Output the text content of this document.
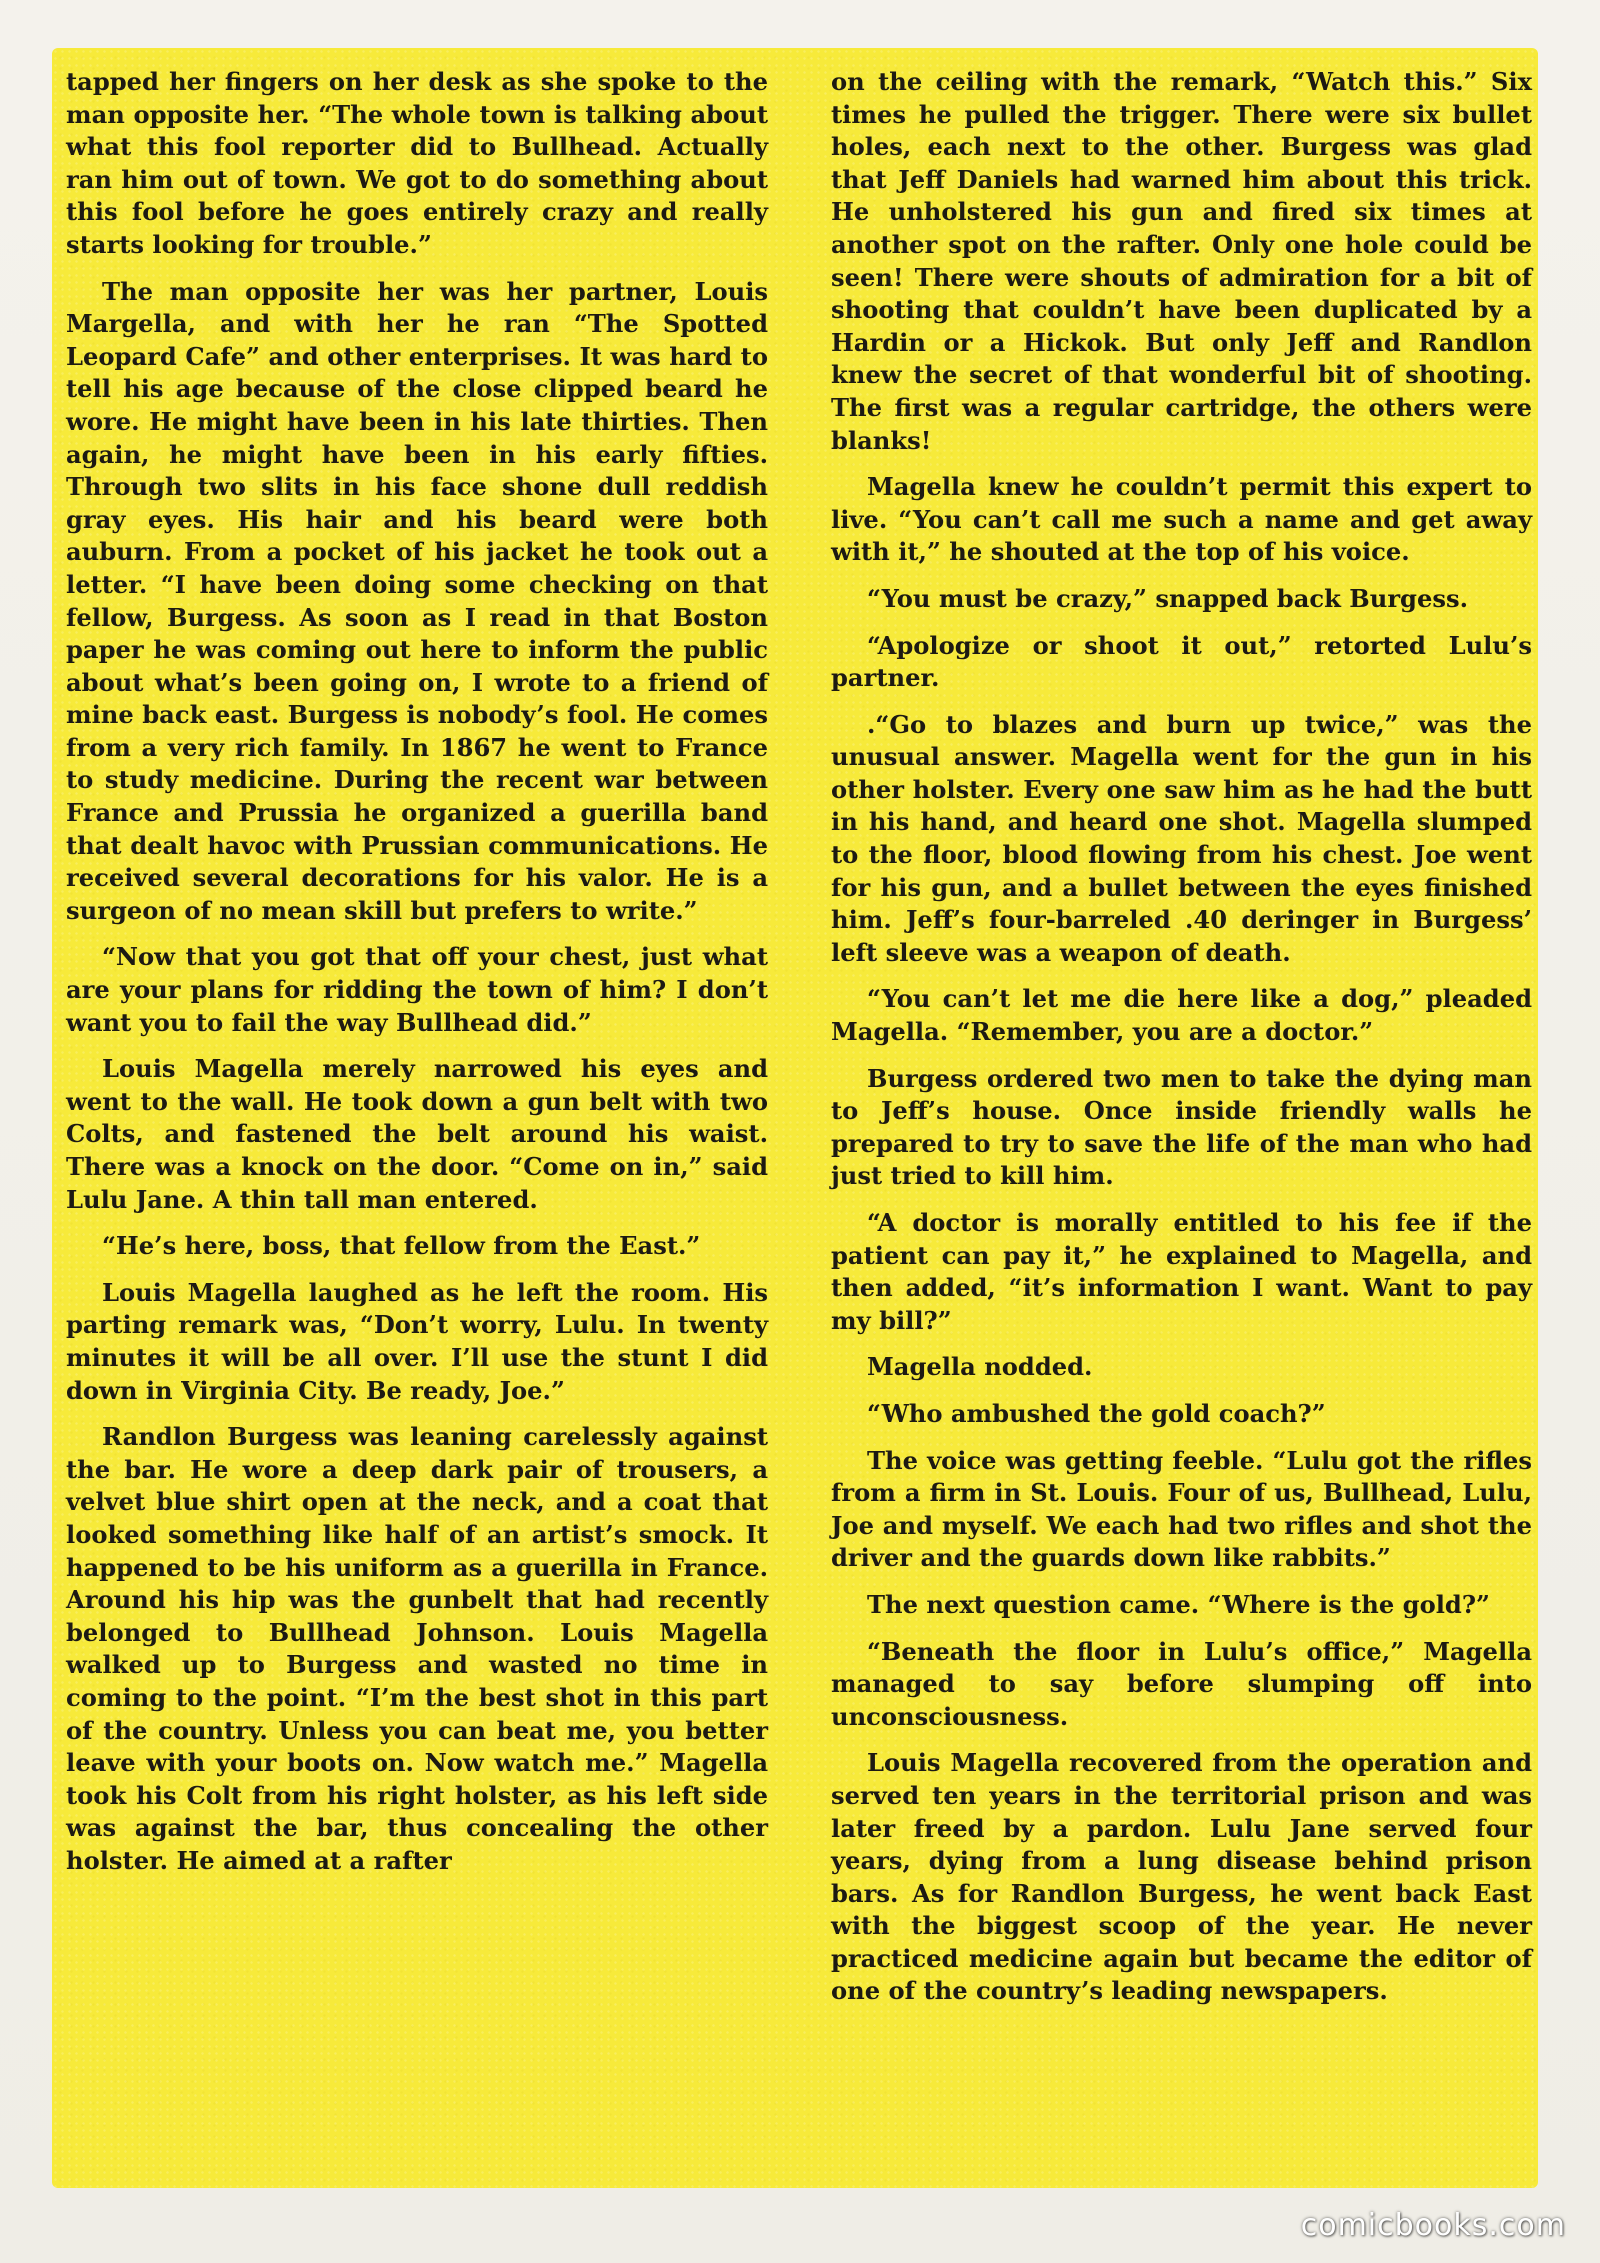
tapped her fingers on her desk as she spoke to the man opposite her. “The whole town is talking about what this fool reporter did to Bullhead. Actually ran him out of town. We got to do something about this fool before he goes entirely crazy and really starts looking for trouble.”

The man opposite her was her partner, Louis Margella, and with her he ran “The Spotted Leopard Cafe” and other enterprises. It was hard to tell his age because of the close clipped beard he wore. He might have been in his late thirties. Then again, he might have been in his early fifties. Through two slits in his face shone dull reddish gray eyes. His hair and his beard were both auburn. From a pocket of his jacket he took out a letter. “I have been doing some checking on that fellow, Burgess. As soon as I read in that Boston paper he was coming out here to inform the public about what’s been going on, I wrote to a friend of mine back east. Burgess is nobody’s fool. He comes from a very rich family. In 1867 he went to France to study medicine. During the recent war between France and Prussia he organized a guerilla band that dealt havoc with Prussian communications. He received several decorations for his valor. He is a surgeon of no mean skill but prefers to write.”

“Now that you got that off your chest, just what are your plans for ridding the town of him? I don’t want you to fail the way Bullhead did.”

Louis Magella merely narrowed his eyes and went to the wall. He took down a gun belt with two Colts, and fastened the belt around his waist. There was a knock on the door. “Come on in,” said Lulu Jane. A thin tall man entered.

“He’s here, boss, that fellow from the East.”

Louis Magella laughed as he left the room. His parting remark was, “Don’t worry, Lulu. In twenty minutes it will be all over. I’ll use the stunt I did down in Virginia City. Be ready, Joe.”

Randlon Burgess was leaning carelessly against the bar. He wore a deep dark pair of trousers, a velvet blue shirt open at the neck, and a coat that looked something like half of an artist’s smock. It happened to be his uniform as a guerilla in France. Around his hip was the gunbelt that had recently belonged to Bullhead Johnson. Louis Magella walked up to Burgess and wasted no time in coming to the point. “I’m the best shot in this part of the country. Unless you can beat me, you better leave with your boots on. Now watch me.” Magella took his Colt from his right holster, as his left side was against the bar, thus concealing the other holster. He aimed at a rafter

on the ceiling with the remark, “Watch this.” Six times he pulled the trigger. There were six bullet holes, each next to the other. Burgess was glad that Jeff Daniels had warned him about this trick. He unholstered his gun and fired six times at another spot on the rafter. Only one hole could be seen! There were shouts of admiration for a bit of shooting that couldn’t have been duplicated by a Hardin or a Hickok. But only Jeff and Randlon knew the secret of that wonderful bit of shooting. The first was a regular cartridge, the others were blanks!

Magella knew he couldn’t permit this expert to live. “You can’t call me such a name and get away with it,” he shouted at the top of his voice.

“You must be crazy,” snapped back Burgess.

“Apologize or shoot it out,” retorted Lulu’s partner.

.“Go to blazes and burn up twice,” was the unusual answer. Magella went for the gun in his other holster. Every one saw him as he had the butt in his hand, and heard one shot. Magella slumped to the floor, blood flowing from his chest. Joe went for his gun, and a bullet between the eyes finished him. Jeff’s four-barreled .40 deringer in Burgess’ left sleeve was a weapon of death.

“You can’t let me die here like a dog,” pleaded Magella. “Remember, you are a doctor.”

Burgess ordered two men to take the dying man to Jeff’s house. Once inside friendly walls he prepared to try to save the life of the man who had just tried to kill him.

“A doctor is morally entitled to his fee if the patient can pay it,” he explained to Magella, and then added, “it’s information I want. Want to pay my bill?”

Magella nodded.

“Who ambushed the gold coach?”

The voice was getting feeble. “Lulu got the rifles from a firm in St. Louis. Four of us, Bullhead, Lulu, Joe and myself. We each had two rifles and shot the driver and the guards down like rabbits.”

The next question came. “Where is the gold?”

“Beneath the floor in Lulu’s office,” Magella managed to say before slumping off into unconsciousness.

Louis Magella recovered from the operation and served ten years in the territorial prison and was later freed by a pardon. Lulu Jane served four years, dying from a lung disease behind prison bars. As for Randlon Burgess, he went back East with the biggest scoop of the year. He never practiced medicine again but became the editor of one of the country’s leading newspapers.

comicbooks.com
